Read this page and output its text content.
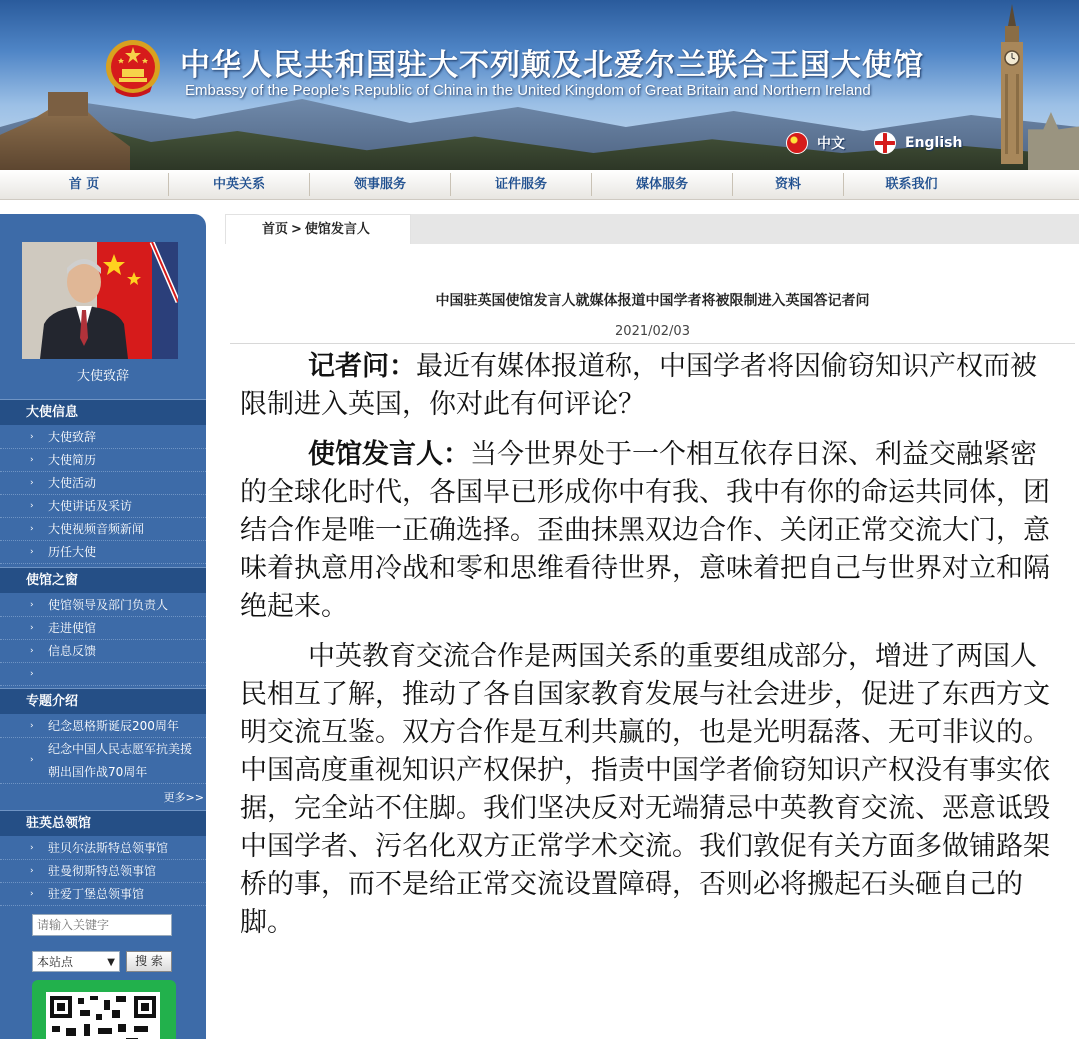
中华人民共和国驻大不列颠及北爱尔兰联合王国大使馆
Embassy of the People's Republic of China in the United Kingdom of Great Britain and Northern Ireland
中文	English
首 页	中英关系	领事服务	证件服务	媒体服务	资料	联系我们
大使致辞
大使信息
› 大使致辞
› 大使简历
› 大使活动
› 大使讲话及采访
› 大使视频音频新闻
› 历任大使
使馆之窗
› 使馆领导及部门负责人
› 走进使馆
› 信息反馈
›
专题介绍
› 纪念恩格斯诞辰200周年
›
纪念中国人民志愿军抗美援朝出国作战70周年
更多>>
驻英总领馆
› 驻贝尔法斯特总领事馆
› 驻曼彻斯特总领事馆
› 驻爱丁堡总领事馆
请输入关键字
本站点	▼	搜 索
首页 > 使馆发言人
中国驻英国使馆发言人就媒体报道中国学者将被限制进入英国答记者问
2021/02/03

记者问：最近有媒体报道称，中国学者将因偷窃知识产权而被限制进入英国，你对此有何评论？

使馆发言人：当今世界处于一个相互依存日深、利益交融紧密的全球化时代，各国早已形成你中有我、我中有你的命运共同体，团结合作是唯一正确选择。歪曲抹黑双边合作、关闭正常交流大门，意味着执意用冷战和零和思维看待世界，意味着把自己与世界对立和隔绝起来。

中英教育交流合作是两国关系的重要组成部分，增进了两国人民相互了解，推动了各自国家教育发展与社会进步，促进了东西方文明交流互鉴。双方合作是互利共赢的，也是光明磊落、无可非议的。中国高度重视知识产权保护，指责中国学者偷窃知识产权没有事实依据，完全站不住脚。我们坚决反对无端猜忌中英教育交流、恶意诋毁中国学者、污名化双方正常学术交流。我们敦促有关方面多做铺路架桥的事，而不是给正常交流设置障碍，否则必将搬起石头砸自己的脚。
